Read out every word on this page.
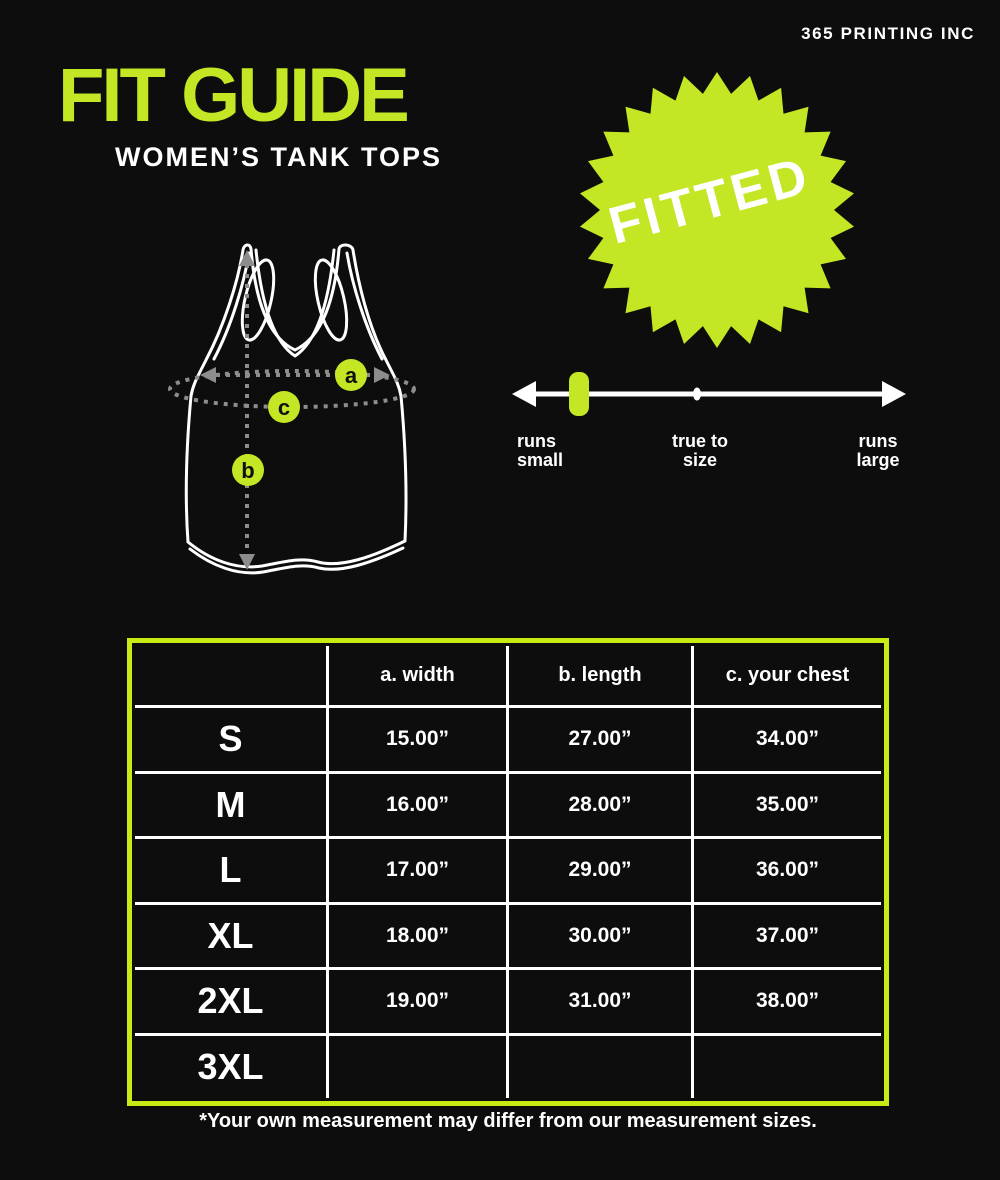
365 PRINTING INC
FIT GUIDE
WOMEN’S TANK TOPS	FITTED
a
c
b
runs
small
true to
size
runs
large
a. width	b. length	c. your chest
S	15.00”	27.00”	34.00”
M	16.00”	28.00”	35.00”
L	17.00”	29.00”	36.00”
XL	18.00”	30.00”	37.00”
2XL	19.00”	31.00”	38.00”
3XL
*Your own measurement may differ from our measurement sizes.
